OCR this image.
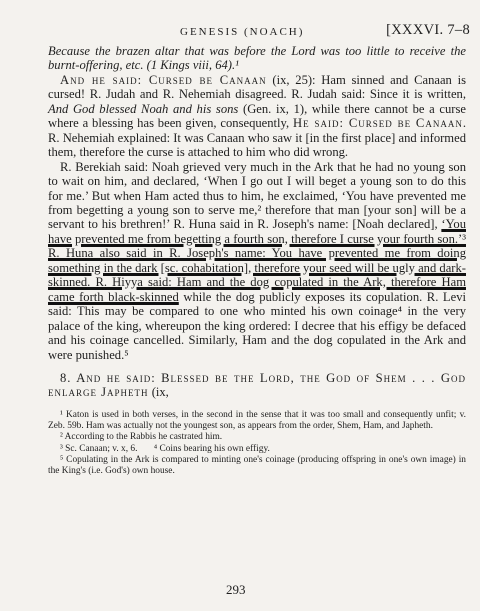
GENESIS (NOACH)	[XXXVI. 7–8

Because the brazen altar that was before the Lord was too little to receive the burnt-offering, etc. (1 Kings viii, 64).¹

And he said: Cursed be Canaan (ix, 25): Ham sinned and Canaan is cursed! R. Judah and R. Nehemiah disagreed. R. Judah said: Since it is written, And God blessed Noah and his sons (Gen. ix, 1), while there cannot be a curse where a blessing has been given, consequently, He said: Cursed be Canaan. R. Nehemiah explained: It was Canaan who saw it [in the first place] and informed them, therefore the curse is attached to him who did wrong.

R. Berekiah said: Noah grieved very much in the Ark that he had no young son to wait on him, and declared, ‘When I go out I will beget a young son to do this for me.’ But when Ham acted thus to him, he exclaimed, ‘You have prevented me from begetting a young son to serve me,² therefore that man [your son] will be a servant to his brethren!’ R. Huna said in R. Joseph's name: [Noah declared], ‘You have prevented me from begetting a fourth son, therefore I curse your fourth son.’³ R. Huna also said in R. Joseph's name: You have prevented me from doing something in the dark [sc. cohabitation], therefore your seed will be ugly and dark-skinned. R. Hiyya said: Ham and the dog copulated in the Ark, therefore Ham came forth black-skinned while the dog publicly exposes its copulation. R. Levi said: This may be compared to one who minted his own coinage⁴ in the very palace of the king, whereupon the king ordered: I decree that his effigy be defaced and his coinage cancelled. Similarly, Ham and the dog copulated in the Ark and were punished.⁵

8. And he said: Blessed be the Lord, the God of Shem . . . God enlarge Japheth (ix,

¹ Katon is used in both verses, in the second in the sense that it was too small and consequently unfit; v. Zeb. 59b. Ham was actually not the youngest son, as appears from the order, Shem, Ham, and Japheth.

² According to the Rabbis he castrated him.

³ Sc. Canaan; v. x, 6.       ⁴ Coins bearing his own effigy.

⁵ Copulating in the Ark is compared to minting one's coinage (producing offspring in one's own image) in the King's (i.e. God's) own house.

293
